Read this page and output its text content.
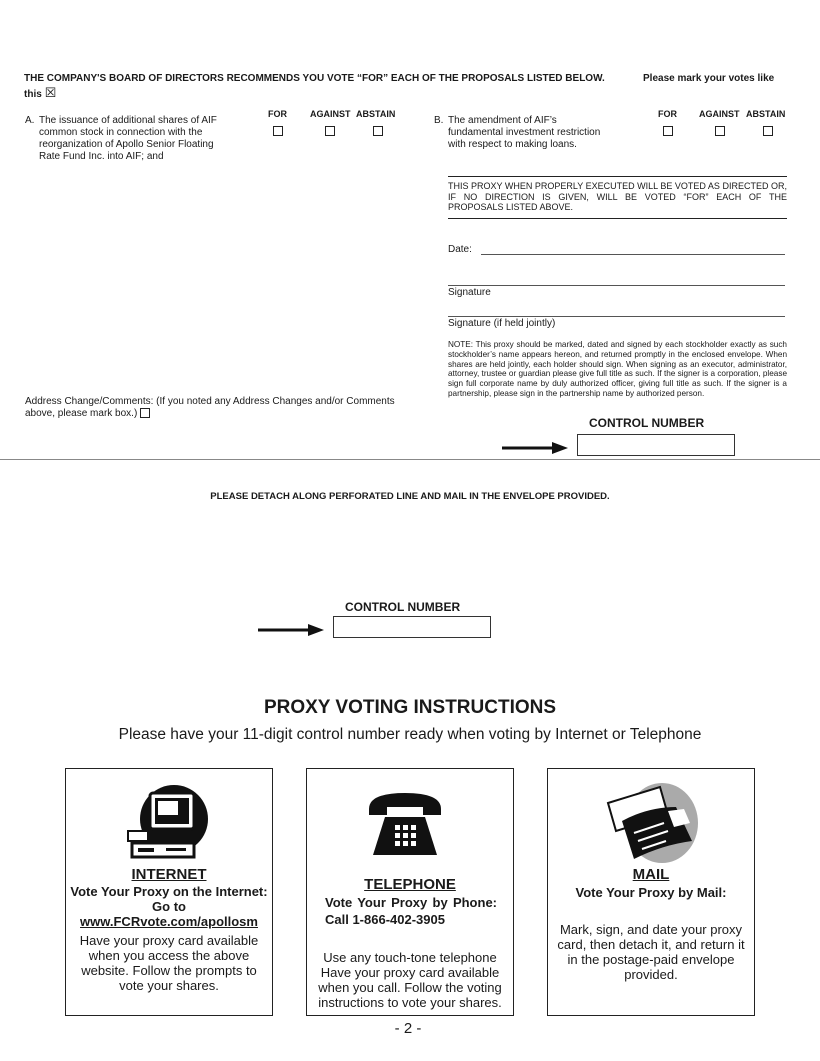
THE COMPANY'S BOARD OF DIRECTORS RECOMMENDS YOU VOTE “FOR” EACH OF THE PROPOSALS LISTED BELOW.	Please mark your votes like
this ☒
A. The issuance of additional shares of AIF common stock in connection with the reorganization of Apollo Senior Floating Rate Fund Inc. into AIF; and
FOR	AGAINST ABSTAIN
B. The amendment of AIF’s fundamental investment restriction with respect to making loans.
FOR AGAINST ABSTAIN
THIS PROXY WHEN PROPERLY EXECUTED WILL BE VOTED AS DIRECTED OR, IF NO DIRECTION IS GIVEN, WILL BE VOTED “FOR” EACH OF THE PROPOSALS LISTED ABOVE.
Date:
Signature
Signature (if held jointly)
NOTE: This proxy should be marked, dated and signed by each stockholder exactly as such stockholder’s name appears hereon, and returned promptly in the enclosed envelope. When shares are held jointly, each holder should sign. When signing as an executor, administrator, attorney, trustee or guardian please give full title as such. If the signer is a corporation, please sign full corporate name by duly authorized officer, giving full title as such. If the signer is a partnership, please sign in the partnership name by authorized person.
Address Change/Comments: (If you noted any Address Changes and/or Comments above, please mark box.)
CONTROL NUMBER
PLEASE DETACH ALONG PERFORATED LINE AND MAIL IN THE ENVELOPE PROVIDED.
CONTROL NUMBER
PROXY VOTING INSTRUCTIONS
Please have your 11-digit control number ready when voting by Internet or Telephone
INTERNET
Vote Your Proxy on the Internet:
Go to
www.FCRvote.com/apollosm
Have your proxy card available when you access the above website. Follow the prompts to vote your shares.
TELEPHONE
Vote Your Proxy by Phone: Call 1-866-402-3905
Use any touch-tone telephone Have your proxy card available when you call. Follow the voting instructions to vote your shares.
MAIL
Vote Your Proxy by Mail:
Mark, sign, and date your proxy card, then detach it, and return it in the postage-paid envelope provided.
- 2 -
